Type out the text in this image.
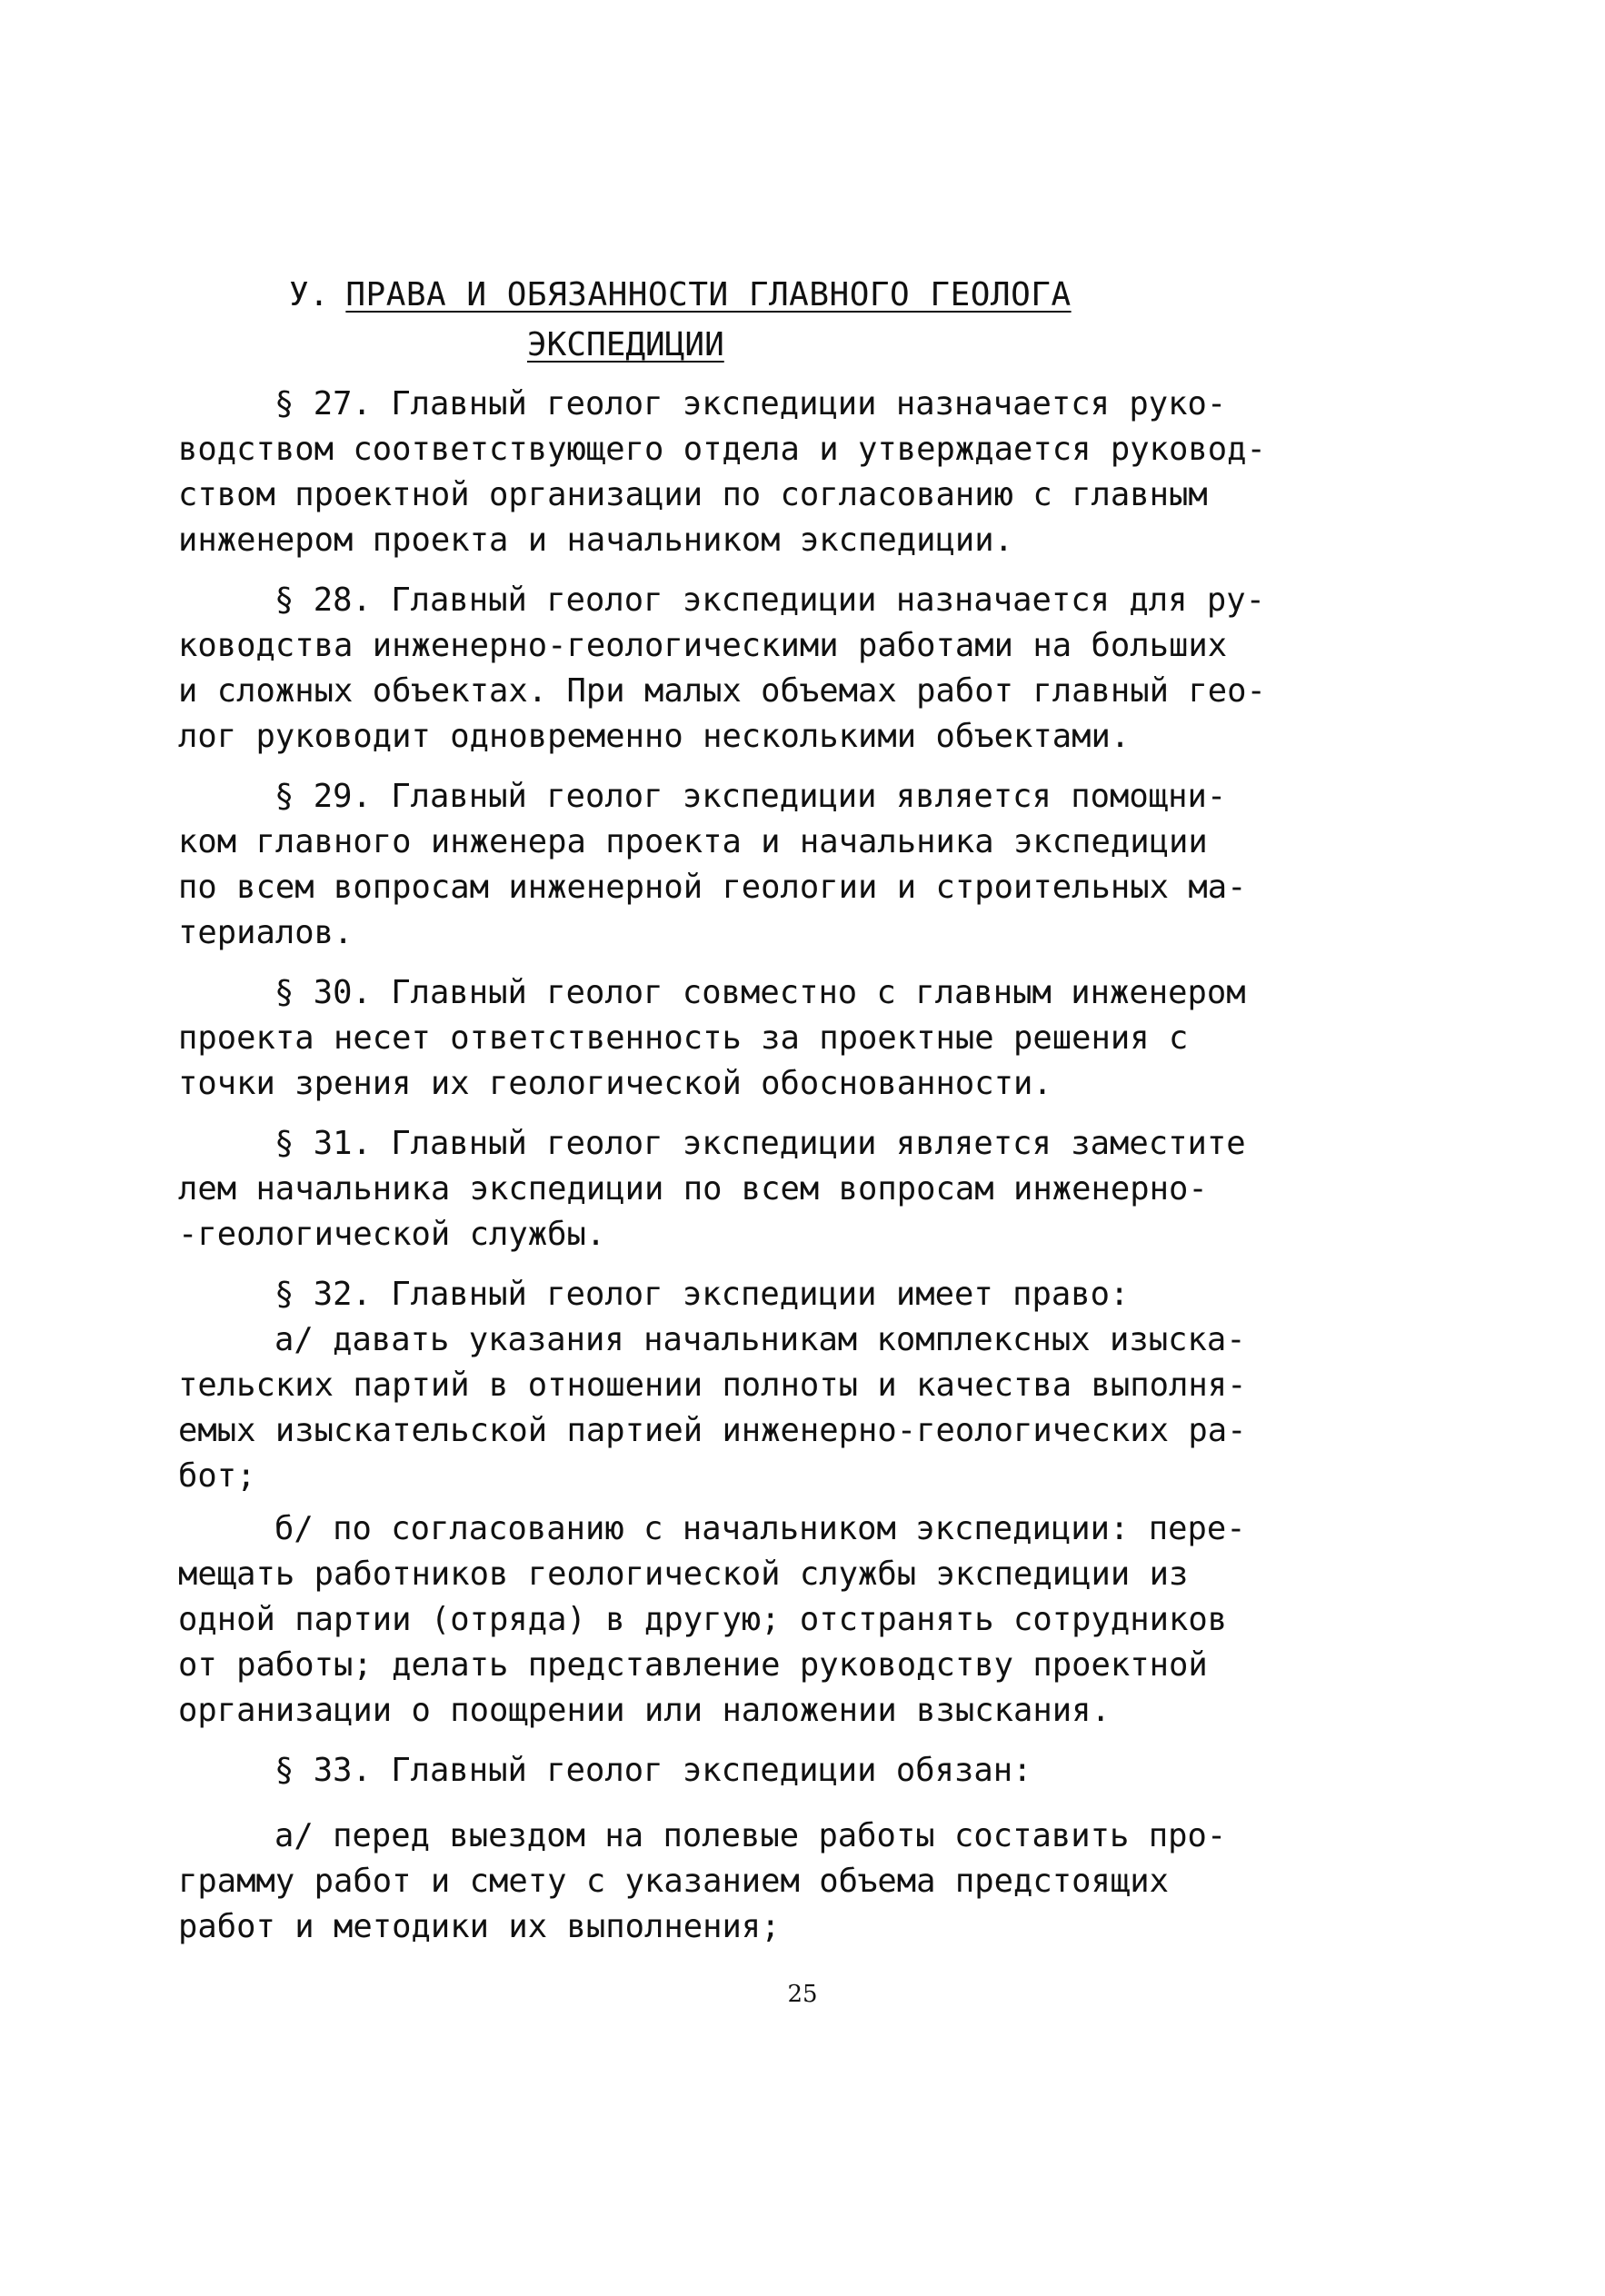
У. ПРАВА И ОБЯЗАННОСТИ ГЛАВНОГО ГЕОЛОГА
ЭКСПЕДИЦИИ
§ 27. Главный геолог экспедиции назначается руко-
водством соответствующего отдела и утверждается руковод-
ством проектной организации по согласованию с главным
инженером проекта и начальником экспедиции.
§ 28. Главный геолог экспедиции назначается для ру-
ководства инженерно-геологическими работами на больших
и сложных объектах. При малых объемах работ главный гео-
лог руководит одновременно несколькими объектами.
§ 29. Главный геолог экспедиции является помощни-
ком главного инженера проекта и начальника экспедиции
по всем вопросам инженерной геологии и строительных ма-
териалов.
§ 30. Главный геолог совместно с главным инженером
проекта несет ответственность за проектные решения с
точки зрения их геологической обоснованности.
§ 31. Главный геолог экспедиции является заместите
лем начальника экспедиции по всем вопросам инженерно-
-геологической службы.
§ 32. Главный геолог экспедиции имеет право:
а/ давать указания начальникам комплексных изыска-
тельских партий в отношении полноты и качества выполня-
емых изыскательской партией инженерно-геологических ра-
бот;
б/ по согласованию с начальником экспедиции: пере-
мещать работников геологической службы экспедиции из
одной партии (отряда) в другую; отстранять сотрудников
от работы; делать представление руководству проектной
организации о поощрении или наложении взыскания.
§ 33. Главный геолог экспедиции обязан:
а/ перед выездом на полевые работы составить про-
грамму работ и смету с указанием объема предстоящих
работ и методики их выполнения;
25
